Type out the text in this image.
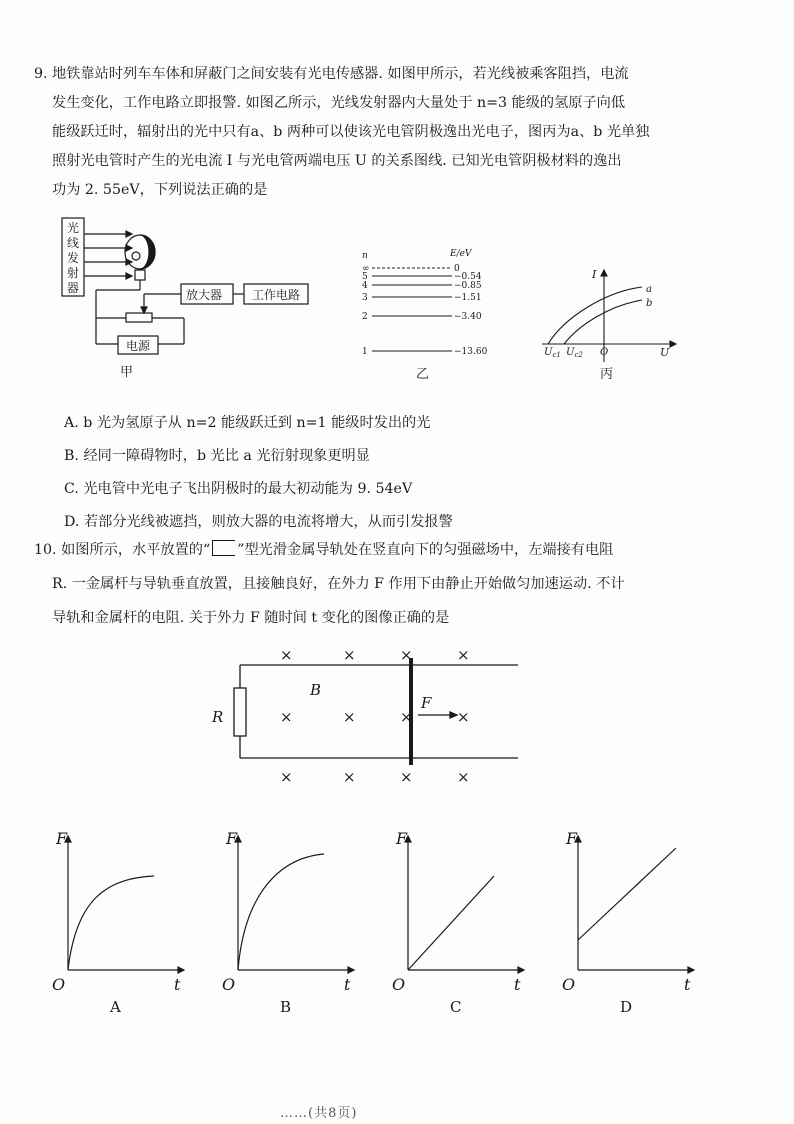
9. 地铁靠站时列车车体和屏蔽门之间安装有光电传感器. 如图甲所示，若光线被乘客阻挡，电流

发生变化，工作电路立即报警. 如图乙所示，光线发射器内大量处于 n=3 能级的氢原子向低

能级跃迁时，辐射出的光中只有a、b 两种可以使该光电管阴极逸出光电子，图丙为a、b 光单独

照射光电管时产生的光电流 I 与光电管两端电压 U 的关系图线. 已知光电管阴极材料的逸出

功为 2. 55eV，下列说法正确的是

光
线
发
射
器	放大器 工作电路
电源
甲
n	E/eV
∞	0
5	−0.54
4	−0.85
3	−1.51
2	−3.40
1	−13.60
乙
I
U
O
a
b
$U_{c1}$ $U_{c2}$
丙

A. b 光为氢原子从 n=2 能级跃迁到 n=1 能级时发出的光

B. 经同一障碍物时，b 光比 a 光衍射现象更明显

C. 光电管中光电子飞出阴极时的最大初动能为 9. 54eV

D. 若部分光线被遮挡，则放大器的电流将增大，从而引发报警

10. 如图所示，水平放置的“ ”型光滑金属导轨处在竖直向下的匀强磁场中，左端接有电阻

R. 一金属杆与导轨垂直放置，且接触良好，在外力 F 作用下由静止开始做匀加速运动. 不计

导轨和金属杆的电阻. 关于外力 F 随时间 t 变化的图像正确的是

×	×	×	×
×	×	×	×
×	×	×	×
R
B
F
F
t
O
A
F
t
O
B
F
t
O
C
F
t
O
D
……(共8页)
